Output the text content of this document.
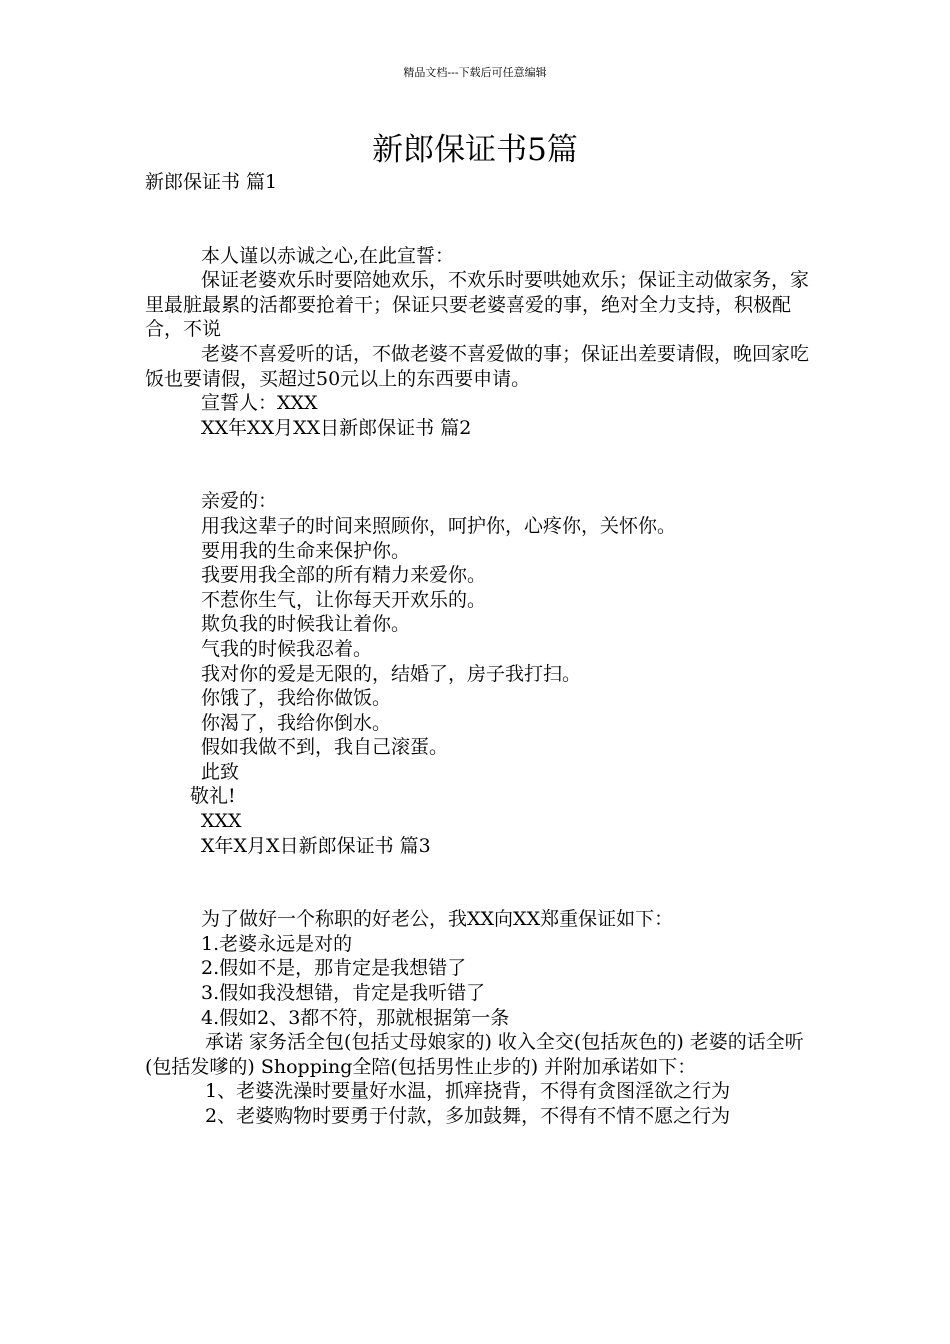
精品文档---下载后可任意编辑
新郎保证书5篇

新郎保证书 篇1

本人谨以赤诚之心,在此宣誓：

保证老婆欢乐时要陪她欢乐，不欢乐时要哄她欢乐；保证主动做家务，家里最脏最累的活都要抢着干；保证只要老婆喜爱的事，绝对全力支持，积极配合，不说

老婆不喜爱听的话，不做老婆不喜爱做的事；保证出差要请假，晚回家吃饭也要请假，买超过50元以上的东西要申请。

宣誓人：XXX

XX年XX月XX日新郎保证书 篇2

亲爱的：

用我这辈子的时间来照顾你，呵护你，心疼你，关怀你。

要用我的生命来保护你。

我要用我全部的所有精力来爱你。

不惹你生气，让你每天开欢乐的。

欺负我的时候我让着你。

气我的时候我忍着。

我对你的爱是无限的，结婚了，房子我打扫。

你饿了，我给你做饭。

你渴了，我给你倒水。

假如我做不到，我自己滚蛋。

此致

敬礼!

XXX

X年X月X日新郎保证书 篇3

为了做好一个称职的好老公，我XX向XX郑重保证如下：

1.老婆永远是对的

2.假如不是，那肯定是我想错了

3.假如我没想错，肯定是我听错了

4.假如2、3都不符，那就根据第一条

承诺 家务活全包(包括丈母娘家的) 收入全交(包括灰色的) 老婆的话全听(包括发嗲的) Shopping全陪(包括男性止步的) 并附加承诺如下：

1、老婆洗澡时要量好水温，抓痒挠背，不得有贪图淫欲之行为

2、老婆购物时要勇于付款，多加鼓舞，不得有不情不愿之行为
